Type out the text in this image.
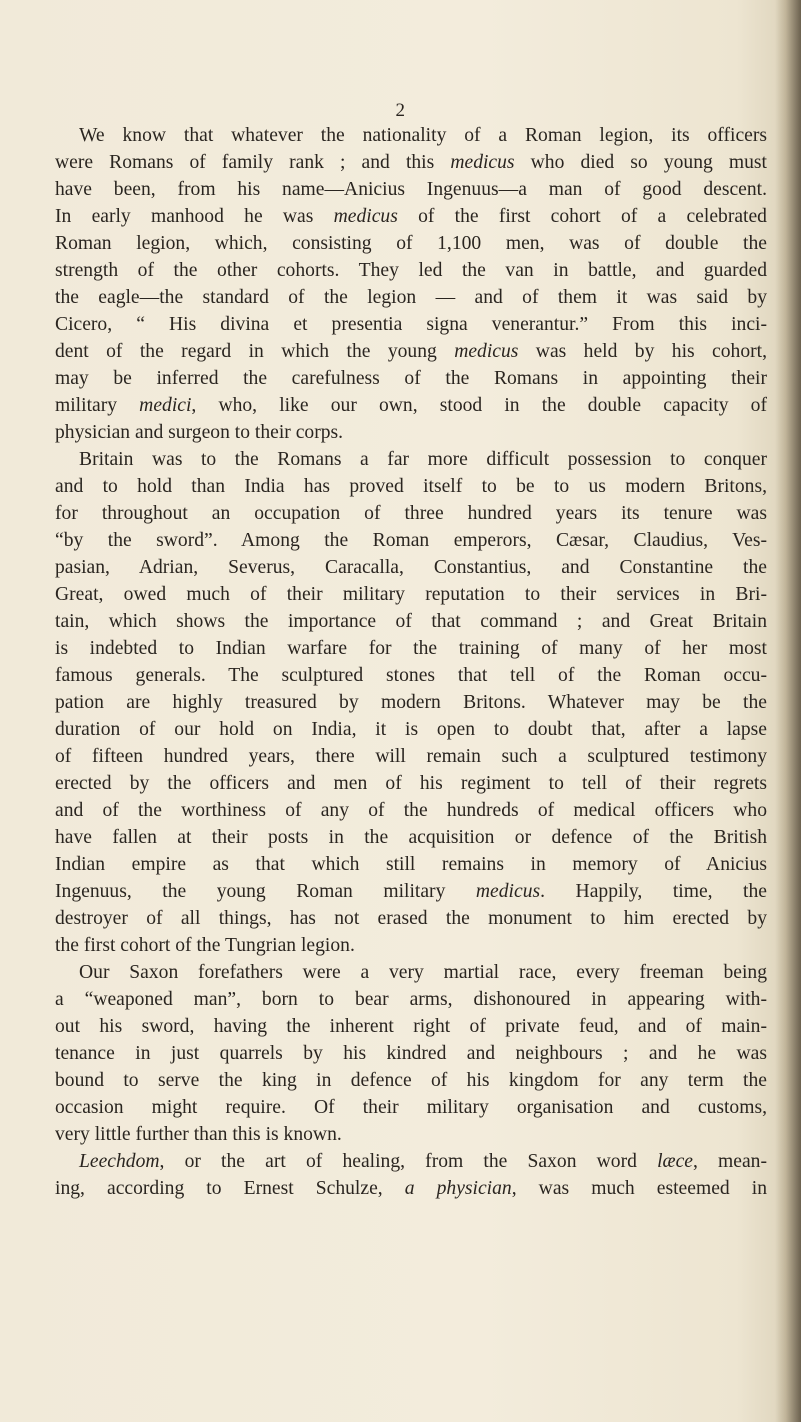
2
We know that whatever the nationality of a Roman legion, its officers
were Romans of family rank ; and this medicus who died so young must
have been, from his name—Anicius Ingenuus—a man of good descent.
In early manhood he was medicus of the first cohort of a celebrated
Roman legion, which, consisting of 1,100 men, was of double the
strength of the other cohorts. They led the van in battle, and guarded
the eagle—the standard of the legion — and of them it was said by
Cicero, “ His divina et presentia signa venerantur.” From this inci-
dent of the regard in which the young medicus was held by his cohort,
may be inferred the carefulness of the Romans in appointing their
military medici, who, like our own, stood in the double capacity of
physician and surgeon to their corps.
Britain was to the Romans a far more difficult possession to conquer
and to hold than India has proved itself to be to us modern Britons,
for throughout an occupation of three hundred years its tenure was
“by the sword”. Among the Roman emperors, Cæsar, Claudius, Ves-
pasian, Adrian, Severus, Caracalla, Constantius, and Constantine the
Great, owed much of their military reputation to their services in Bri-
tain, which shows the importance of that command ; and Great Britain
is indebted to Indian warfare for the training of many of her most
famous generals. The sculptured stones that tell of the Roman occu-
pation are highly treasured by modern Britons. Whatever may be the
duration of our hold on India, it is open to doubt that, after a lapse
of fifteen hundred years, there will remain such a sculptured testimony
erected by the officers and men of his regiment to tell of their regrets
and of the worthiness of any of the hundreds of medical officers who
have fallen at their posts in the acquisition or defence of the British
Indian empire as that which still remains in memory of Anicius
Ingenuus, the young Roman military medicus. Happily, time, the
destroyer of all things, has not erased the monument to him erected by
the first cohort of the Tungrian legion.
Our Saxon forefathers were a very martial race, every freeman being
a “weaponed man”, born to bear arms, dishonoured in appearing with-
out his sword, having the inherent right of private feud, and of main-
tenance in just quarrels by his kindred and neighbours ; and he was
bound to serve the king in defence of his kingdom for any term the
occasion might require. Of their military organisation and customs,
very little further than this is known.
Leechdom, or the art of healing, from the Saxon word læce, mean-
ing, according to Ernest Schulze, a physician, was much esteemed in
